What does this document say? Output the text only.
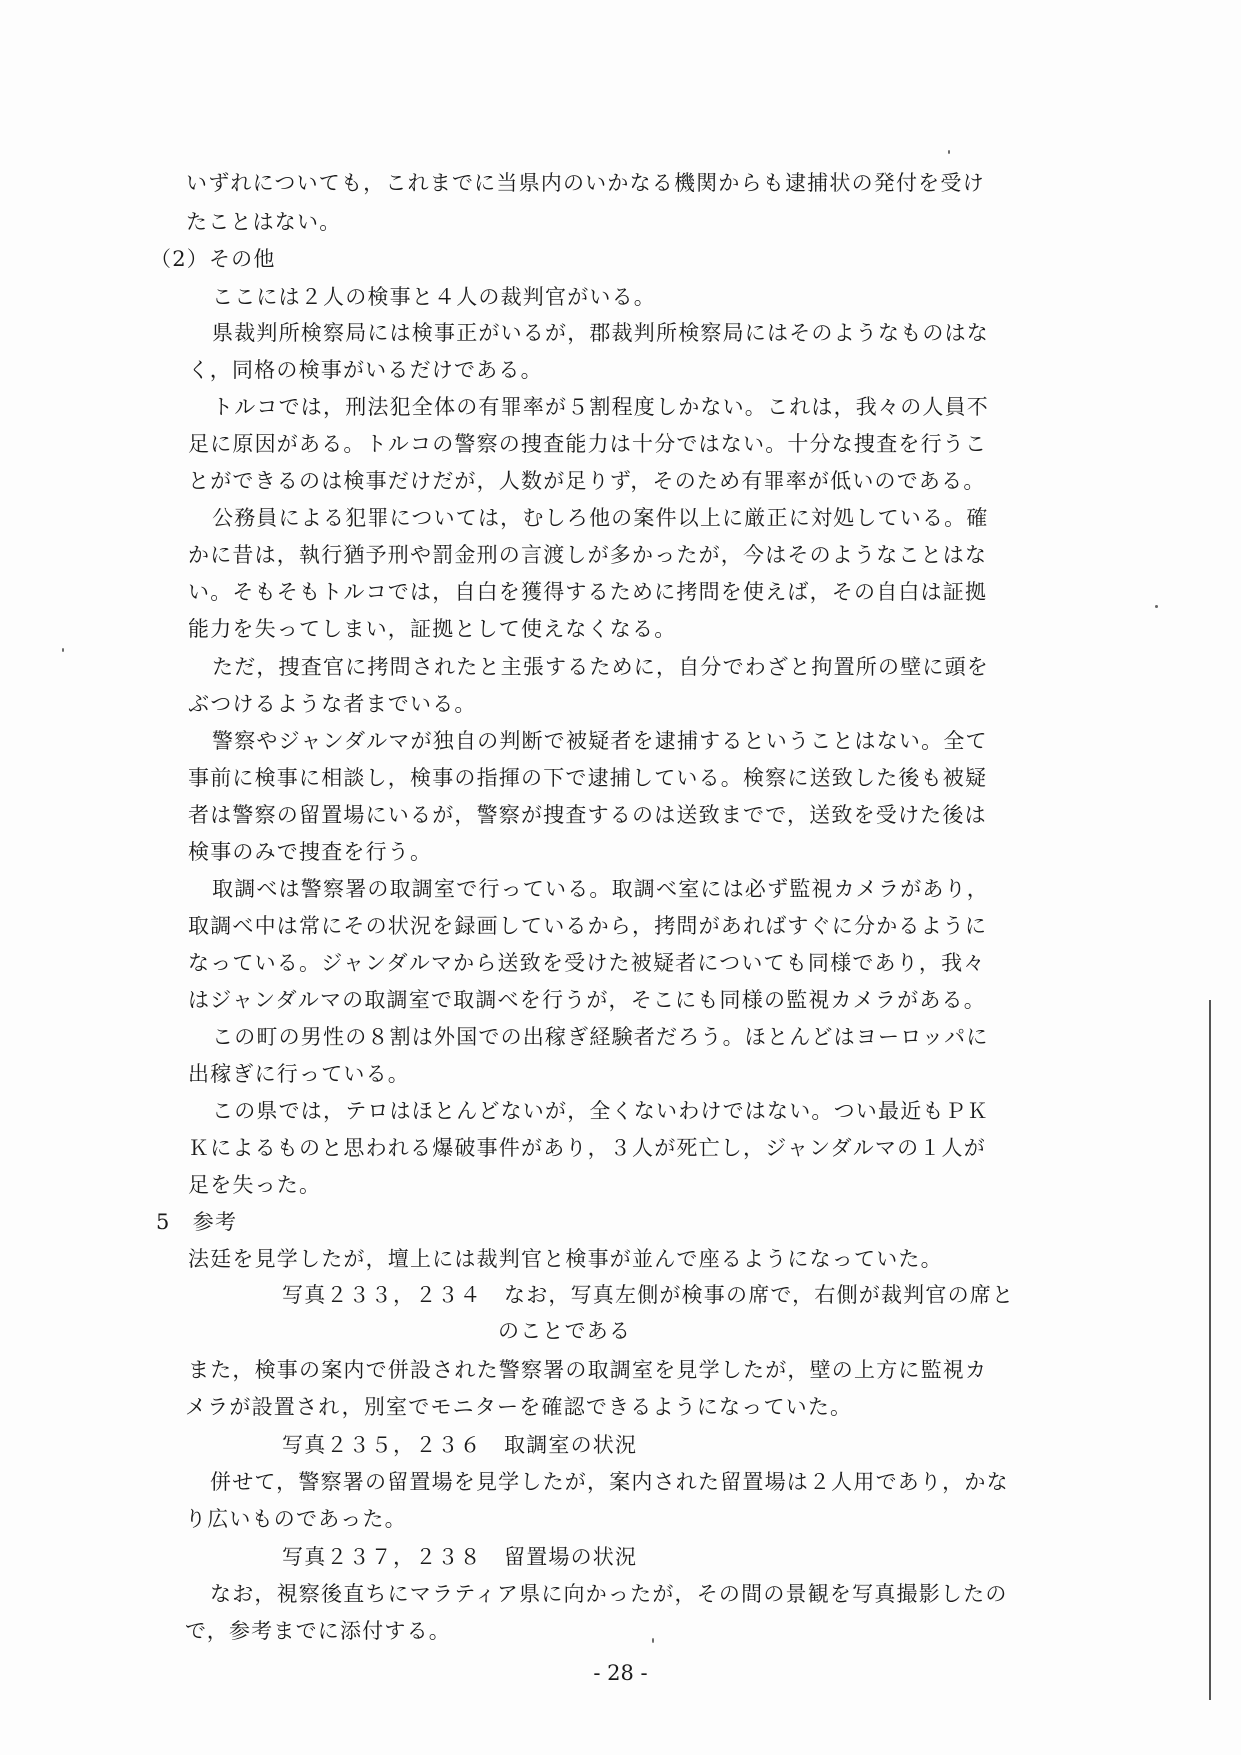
いずれについても，これまでに当県内のいかなる機関からも逮捕状の発付を受け
たことはない。
（2）その他
ここには２人の検事と４人の裁判官がいる。
県裁判所検察局には検事正がいるが，郡裁判所検察局にはそのようなものはな
く，同格の検事がいるだけである。
トルコでは，刑法犯全体の有罪率が５割程度しかない。これは，我々の人員不
足に原因がある。トルコの警察の捜査能力は十分ではない。十分な捜査を行うこ
とができるのは検事だけだが，人数が足りず，そのため有罪率が低いのである。
公務員による犯罪については，むしろ他の案件以上に厳正に対処している。確
かに昔は，執行猶予刑や罰金刑の言渡しが多かったが，今はそのようなことはな
い。そもそもトルコでは，自白を獲得するために拷問を使えば，その自白は証拠
能力を失ってしまい，証拠として使えなくなる。
ただ，捜査官に拷問されたと主張するために，自分でわざと拘置所の壁に頭を
ぶつけるような者までいる。
警察やジャンダルマが独自の判断で被疑者を逮捕するということはない。全て
事前に検事に相談し，検事の指揮の下で逮捕している。検察に送致した後も被疑
者は警察の留置場にいるが，警察が捜査するのは送致までで，送致を受けた後は
検事のみで捜査を行う。
取調べは警察署の取調室で行っている。取調べ室には必ず監視カメラがあり，
取調べ中は常にその状況を録画しているから，拷問があればすぐに分かるように
なっている。ジャンダルマから送致を受けた被疑者についても同様であり，我々
はジャンダルマの取調室で取調べを行うが，そこにも同様の監視カメラがある。
この町の男性の８割は外国での出稼ぎ経験者だろう。ほとんどはヨーロッパに
出稼ぎに行っている。
この県では，テロはほとんどないが，全くないわけではない。つい最近もＰＫ
Ｋによるものと思われる爆破事件があり，３人が死亡し，ジャンダルマの１人が
足を失った。
5　参考
法廷を見学したが，壇上には裁判官と検事が並んで座るようになっていた。
写真２３３，２３４　なお，写真左側が検事の席で，右側が裁判官の席と
のことである
また，検事の案内で併設された警察署の取調室を見学したが，壁の上方に監視カ
メラが設置され，別室でモニターを確認できるようになっていた。
写真２３５，２３６　取調室の状況
併せて，警察署の留置場を見学したが，案内された留置場は２人用であり，かな
り広いものであった。
写真２３７，２３８　留置場の状況
なお，視察後直ちにマラティア県に向かったが，その間の景観を写真撮影したの
で，参考までに添付する。
- 28 -
